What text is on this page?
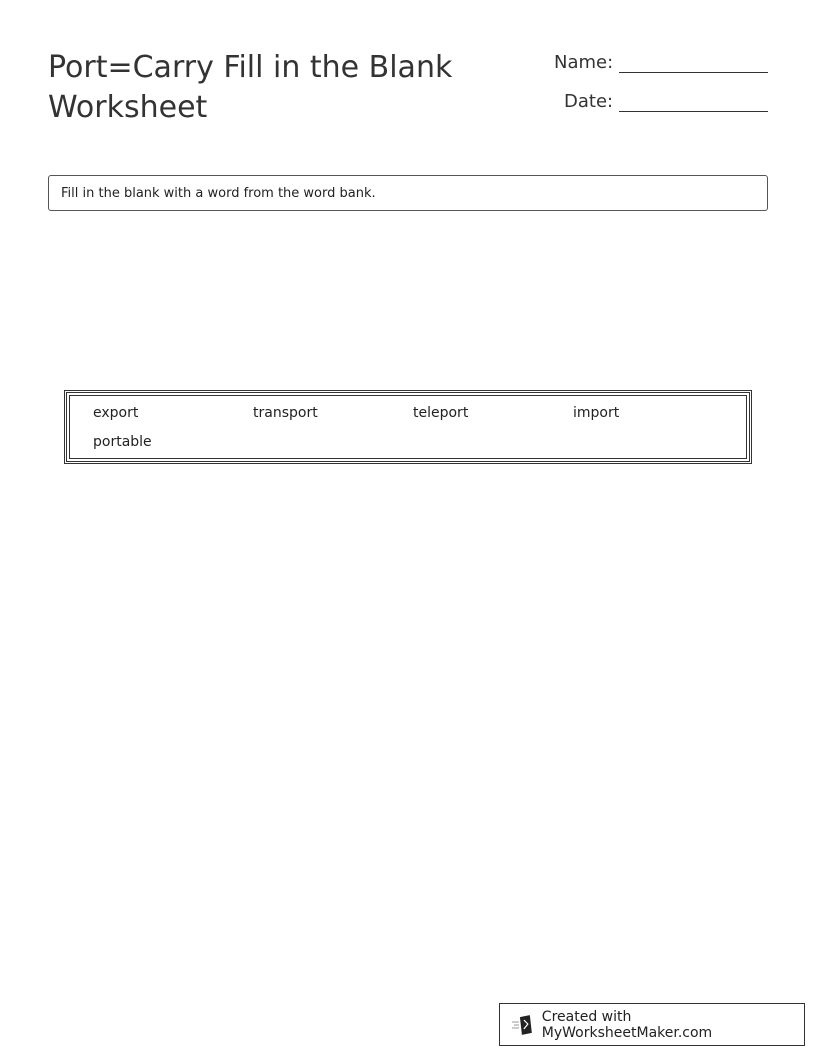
Port=Carry Fill in the Blank Worksheet
Name:
Date:
Fill in the blank with a word from the word bank.
export	transport	teleport	import
portable
Created with MyWorksheetMaker.com
